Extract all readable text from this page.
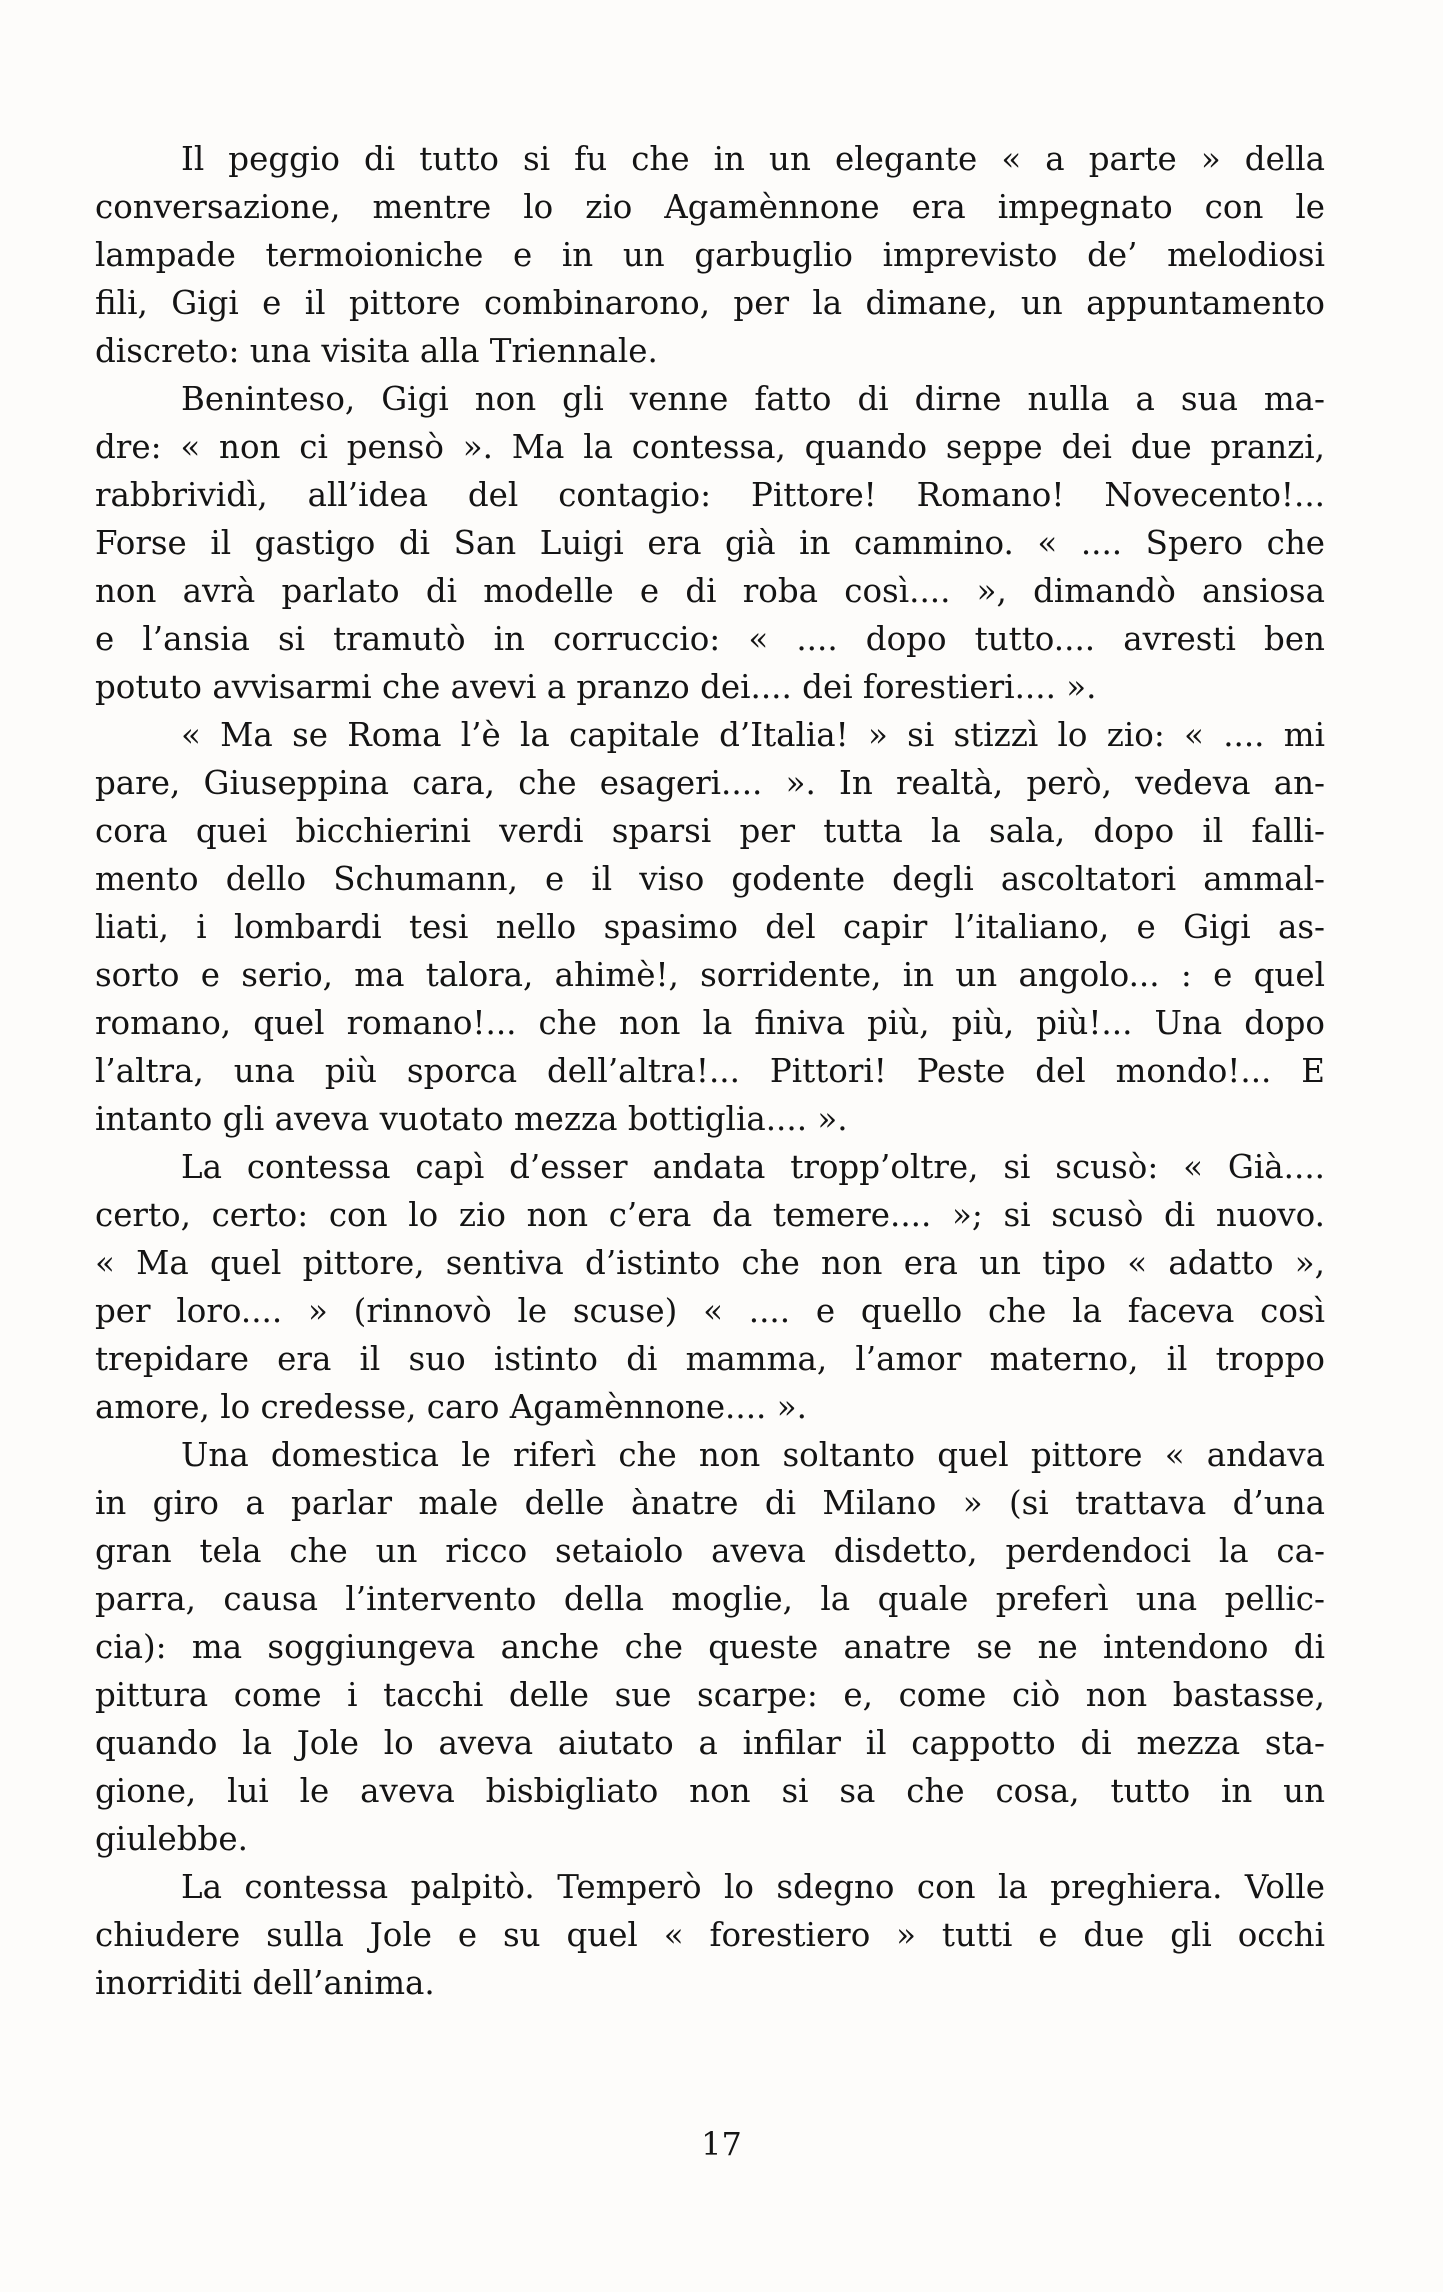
Il peggio di tutto si fu che in un elegante « a parte » della
conversazione, mentre lo zio Agamènnone era impegnato con le
lampade termoioniche e in un garbuglio imprevisto de’ melodiosi
fili, Gigi e il pittore combinarono, per la dimane, un appuntamento
discreto: una visita alla Triennale.
Beninteso, Gigi non gli venne fatto di dirne nulla a sua ma-
dre: « non ci pensò ». Ma la contessa, quando seppe dei due pranzi,
rabbrividì, all’idea del contagio: Pittore! Romano! Novecento!...
Forse il gastigo di San Luigi era già in cammino. « .... Spero che
non avrà parlato di modelle e di roba così.... », dimandò ansiosa
e l’ansia si tramutò in corruccio: « .... dopo tutto.... avresti ben
potuto avvisarmi che avevi a pranzo dei.... dei forestieri.... ».
« Ma se Roma l’è la capitale d’Italia! » si stizzì lo zio: « .... mi
pare, Giuseppina cara, che esageri.... ». In realtà, però, vedeva an-
cora quei bicchierini verdi sparsi per tutta la sala, dopo il falli-
mento dello Schumann, e il viso godente degli ascoltatori ammal-
liati, i lombardi tesi nello spasimo del capir l’italiano, e Gigi as-
sorto e serio, ma talora, ahimè!, sorridente, in un angolo... : e quel
romano, quel romano!... che non la finiva più, più, più!... Una dopo
l’altra, una più sporca dell’altra!... Pittori! Peste del mondo!... E
intanto gli aveva vuotato mezza bottiglia.... ».
La contessa capì d’esser andata tropp’oltre, si scusò: « Già....
certo, certo: con lo zio non c’era da temere.... »; si scusò di nuovo.
« Ma quel pittore, sentiva d’istinto che non era un tipo « adatto »,
per loro.... » (rinnovò le scuse) « .... e quello che la faceva così
trepidare era il suo istinto di mamma, l’amor materno, il troppo
amore, lo credesse, caro Agamènnone.... ».
Una domestica le riferì che non soltanto quel pittore « andava
in giro a parlar male delle ànatre di Milano » (si trattava d’una
gran tela che un ricco setaiolo aveva disdetto, perdendoci la ca-
parra, causa l’intervento della moglie, la quale preferì una pellic-
cia): ma soggiungeva anche che queste anatre se ne intendono di
pittura come i tacchi delle sue scarpe: e, come ciò non bastasse,
quando la Jole lo aveva aiutato a infilar il cappotto di mezza sta-
gione, lui le aveva bisbigliato non si sa che cosa, tutto in un
giulebbe.
La contessa palpitò. Temperò lo sdegno con la preghiera. Volle
chiudere sulla Jole e su quel « forestiero » tutti e due gli occhi
inorriditi dell’anima.
17
